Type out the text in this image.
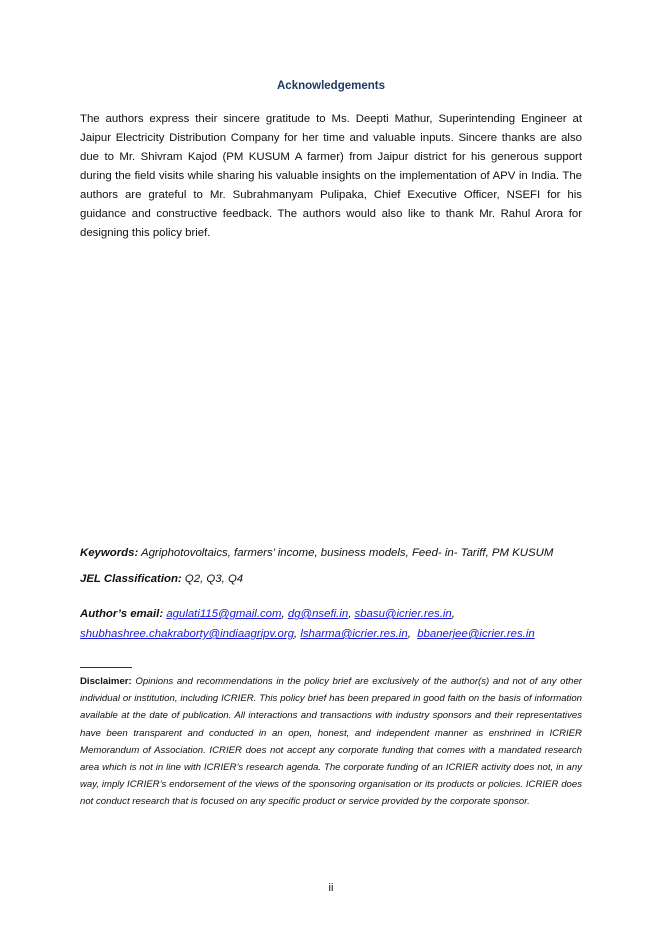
Acknowledgements

The authors express their sincere gratitude to Ms. Deepti Mathur, Superintending Engineer at Jaipur Electricity Distribution Company for her time and valuable inputs. Sincere thanks are also due to Mr. Shivram Kajod (PM KUSUM A farmer) from Jaipur district for his generous support during the field visits while sharing his valuable insights on the implementation of APV in India. The authors are grateful to Mr. Subrahmanyam Pulipaka, Chief Executive Officer, NSEFI for his guidance and constructive feedback. The authors would also like to thank Mr. Rahul Arora for designing this policy brief.

Keywords: Agriphotovoltaics, farmers’ income, business models, Feed- in- Tariff, PM KUSUM

JEL Classification: Q2, Q3, Q4

Author’s email: agulati115@gmail.com, dg@nsefi.in, sbasu@icrier.res.in,
shubhashree.chakraborty@indiaagripv.org, lsharma@icrier.res.in,  bbanerjee@icrier.res.in

Disclaimer: Opinions and recommendations in the policy brief are exclusively of the author(s) and not of any other individual or institution, including ICRIER. This policy brief has been prepared in good faith on the basis of information available at the date of publication. All interactions and transactions with industry sponsors and their representatives have been transparent and conducted in an open, honest, and independent manner as enshrined in ICRIER Memorandum of Association. ICRIER does not accept any corporate funding that comes with a mandated research area which is not in line with ICRIER’s research agenda. The corporate funding of an ICRIER activity does not, in any way, imply ICRIER’s endorsement of the views of the sponsoring organisation or its products or policies. ICRIER does not conduct research that is focused on any specific product or service provided by the corporate sponsor.

ii
